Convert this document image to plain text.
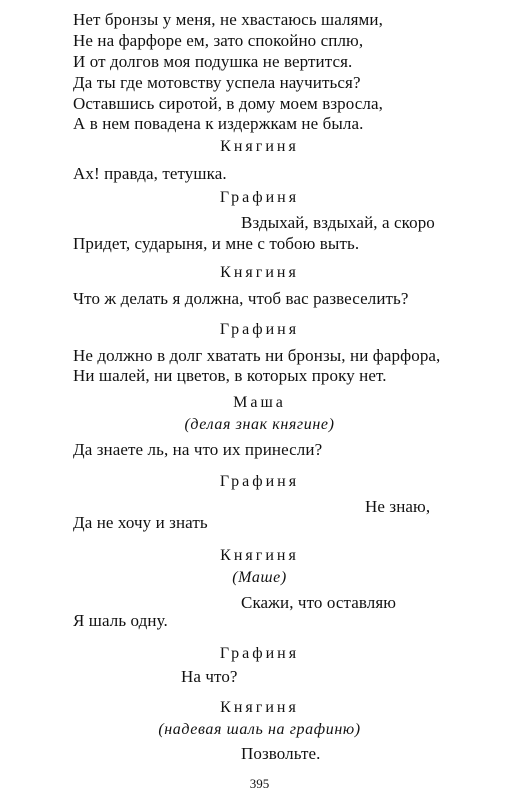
Нет бронзы у меня, не хвастаюсь шалями,
Не на фарфоре ем, зато спокойно сплю,
И от долгов моя подушка не вертится.
Да ты где мотовству успела научиться?
Оставшись сиротой, в дому моем взросла,
А в нем повадена к издержкам не была.
Княгиня
Ах! правда, тетушка.
Графиня
Вздыхай, вздыхай, а скоро
Придет, сударыня, и мне с тобою выть.
Княгиня
Что ж делать я должна, чтоб вас развеселить?
Графиня
Не должно в долг хватать ни бронзы, ни фарфора,
Ни шалей, ни цветов, в которых проку нет.
Маша
(делая знак княгине)
Да знаете ль, на что их принесли?
Графиня
Не знаю,
Да не хочу и знать
Княгиня
(Маше)
Скажи, что оставляю
Я шаль одну.
Графиня
На что?
Княгиня
(надевая шаль на графиню)
Позвольте.
395
